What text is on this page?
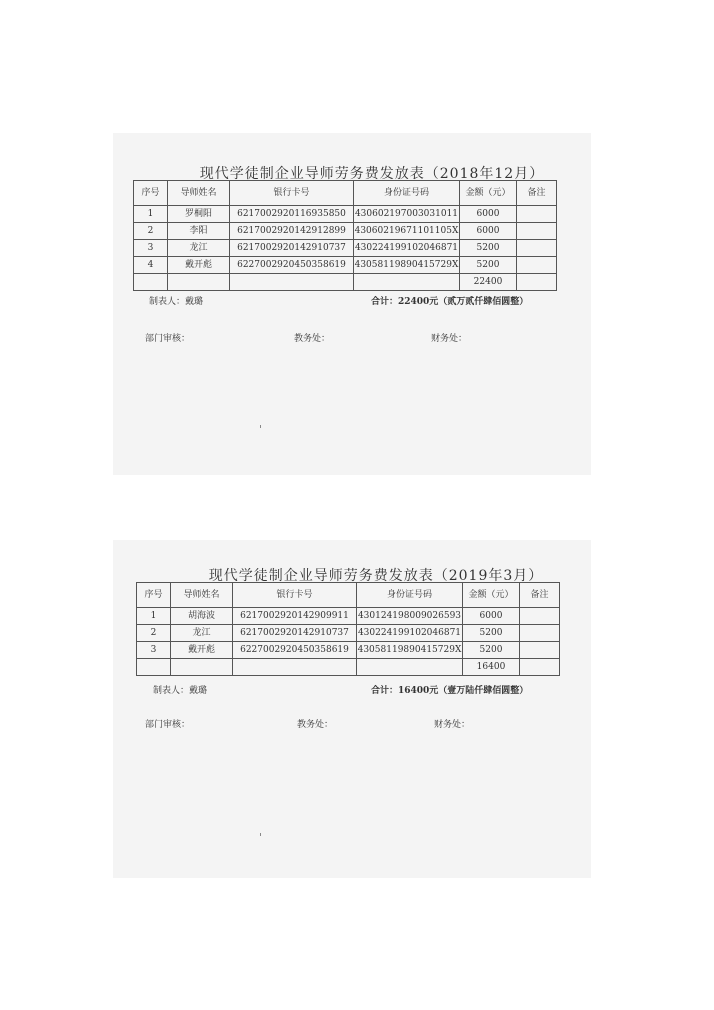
现代学徒制企业导师劳务费发放表（2018年12月）
序号	导师姓名	银行卡号	身份证号码	金额（元）	备注
1	罗桐阳	6217002920116935850	430602197003031011	6000	
2	李阳	6217002920142912899	43060219671101105X	6000	
3	龙江	6217002920142910737	430224199102046871	5200	
4	戴开彪	6227002920450358619	43058119890415729X	5200	
				22400	
制表人：戴璐	合计：22400元（贰万贰仟肆佰圆整）
部门审核：	教务处：	财务处：
现代学徒制企业导师劳务费发放表（2019年3月）
序号	导师姓名	银行卡号	身份证号码	金额（元）	备注
1	胡海波	6217002920142909911	430124198009026593	6000	
2	龙江	6217002920142910737	430224199102046871	5200	
3	戴开彪	6227002920450358619	43058119890415729X	5200	
				16400	
制表人：戴璐	合计：16400元（壹万陆仟肆佰圆整）
部门审核：	教务处：	财务处：
